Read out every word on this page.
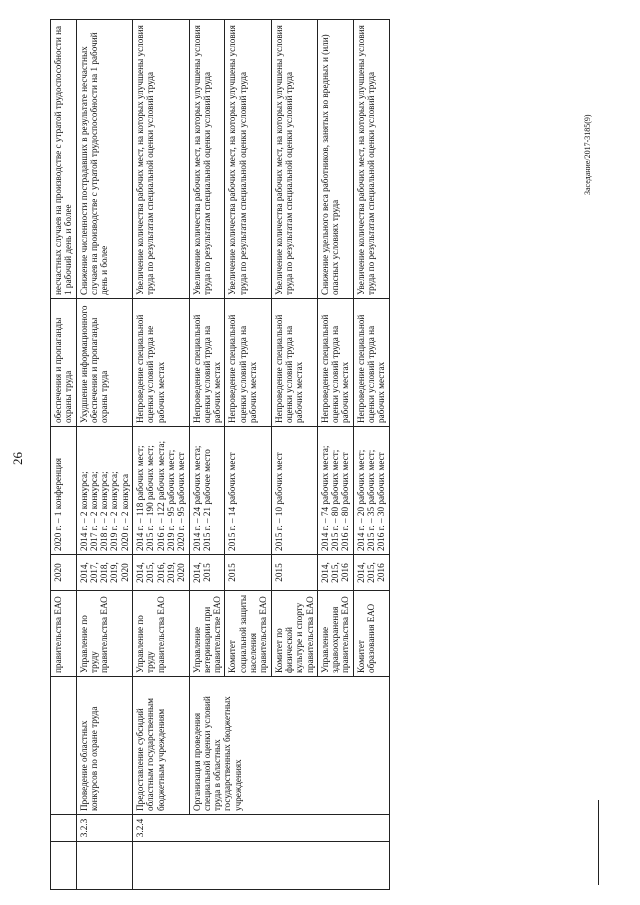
26
			правительства ЕАО	2020	2020 г. – 1 конференция	обеспечения и пропаганды охраны труда	несчастных случаев на производстве с утратой трудоспособности на 1 рабочий день и более
	3.2.3	Проведение областных конкурсов по охране труда	Управление по труду правительства ЕАО	2014,
2017,
2018,
2019,
2020	2014 г. – 2 конкурса;
2017 г. – 2 конкурса;
2018 г. – 2 конкурса;
2019 г. – 2 конкурса;
2020 г. – 2 конкурса	Ухудшение информационного обеспечения и пропаганды охраны труда	Снижение численности пострадавших в результате несчастных случаев на производстве с утратой трудоспособности на 1 рабочий день и более
	3.2.4	Предоставление субсидий областным государственным бюджетным учреждениям	Управление по труду правительства ЕАО	2014,
2015,
2016,
2019,
2020	2014 г. – 118 рабочих мест;
2015 г. – 190 рабочих мест;
2016 г. – 122 рабочих места;
2019 г. – 95 рабочих мест;
2020 г. – 95 рабочих мест	Непроведение специальной оценки условий труда не рабочих местах	Увеличение количества рабочих мест, на которых улучшены условия труда по результатам специальной оценки условий труда
		Организация проведения специальной оценки условий труда в областных государственных бюджетных учреждениях	Управление ветеринарии при правительстве ЕАО	2014,
2015	2014 г. – 24 рабочих места;
2015 г. – 21 рабочее место	Непроведение специальной оценки условий труда на рабочих местах	Увеличение количества рабочих мест, на которых улучшены условия труда по результатам специальной оценки условий труда
			Комитет социальной защиты населения правительства ЕАО	2015	2015 г. – 14 рабочих мест	Непроведение специальной оценки условий труда на рабочих местах	Увеличение количества рабочих мест, на которых улучшены условия труда по результатам специальной оценки условий труда
			Комитет по физической культуре и спорту правительства ЕАО	2015	2015 г. – 10 рабочих мест	Непроведение специальной оценки условий труда на рабочих местах	Увеличение количества рабочих мест, на которых улучшены условия труда по результатам специальной оценки условий труда
			Управление здравоохранения правительства ЕАО	2014,
2015,
2016	2014 г. – 74 рабочих места;
2015 г. – 80 рабочих мест;
2016 г. – 80 рабочих мест	Непроведение специальной оценки условий труда на рабочих местах	Снижение удельного веса работников, занятых во вредных и (или) опасных условиях труда
			Комитет образования ЕАО	2014,
2015,
2016	2014 г. – 20 рабочих мест;
2015 г. – 35 рабочих мест;
2016 г. – 30 рабочих мест	Непроведение специальной оценки условий труда на рабочих местах	Увеличение количества рабочих мест, на которых улучшены условия труда по результатам специальной оценки условий труда	Заседание/2017-3185(9)
